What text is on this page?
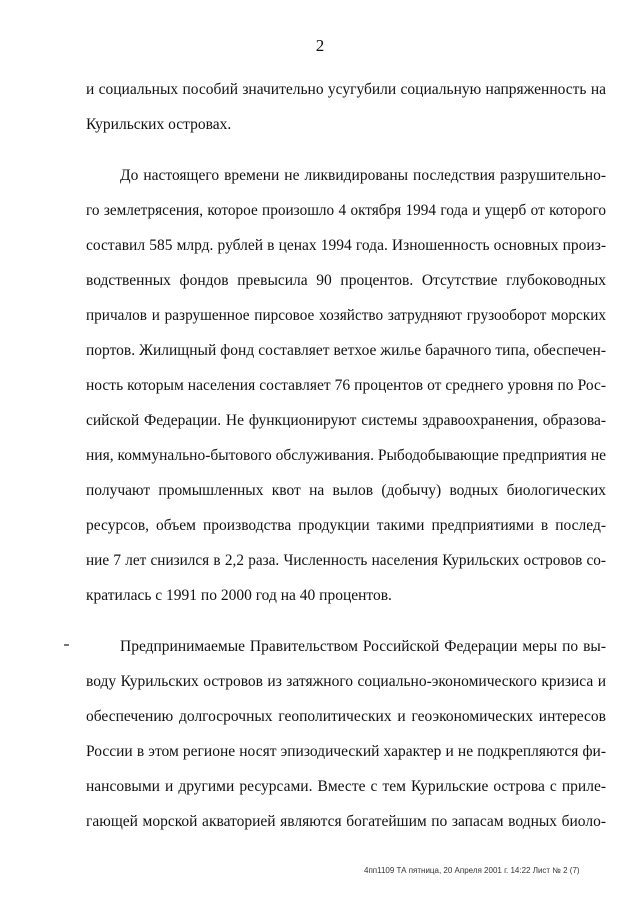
2
и социальных пособий значительно усугубили социальную напряженность на
Курильских островах.
До настоящего времени не ликвидированы последствия разрушительно-
го землетрясения, которое произошло 4 октября 1994 года и ущерб от которого
составил 585 млрд. рублей в ценах 1994 года. Изношенность основных произ-
водственных фондов превысила 90 процентов. Отсутствие глубоководных
причалов и разрушенное пирсовое хозяйство затрудняют грузооборот морских
портов. Жилищный фонд составляет ветхое жилье барачного типа, обеспечен-
ность которым населения составляет 76 процентов от среднего уровня по Рос-
сийской Федерации. Не функционируют системы здравоохранения, образова-
ния, коммунально-бытового обслуживания. Рыбодобывающие предприятия не
получают промышленных квот на вылов (добычу) водных биологических
ресурсов, объем производства продукции такими предприятиями в послед-
ние 7 лет снизился в 2,2 раза. Численность населения Курильских островов со-
кратилась с 1991 по 2000 год на 40 процентов.
Предпринимаемые Правительством Российской Федерации меры по вы-
воду Курильских островов из затяжного социально-экономического кризиса и
обеспечению долгосрочных геополитических и геоэкономических интересов
России в этом регионе носят эпизодический характер и не подкрепляются фи-
нансовыми и другими ресурсами. Вместе с тем Курильские острова с приле-
гающей морской акваторией являются богатейшим по запасам водных биоло-
4пп1109 ТА пятница, 20 Апреля 2001 г. 14:22 Лист № 2 (7)
